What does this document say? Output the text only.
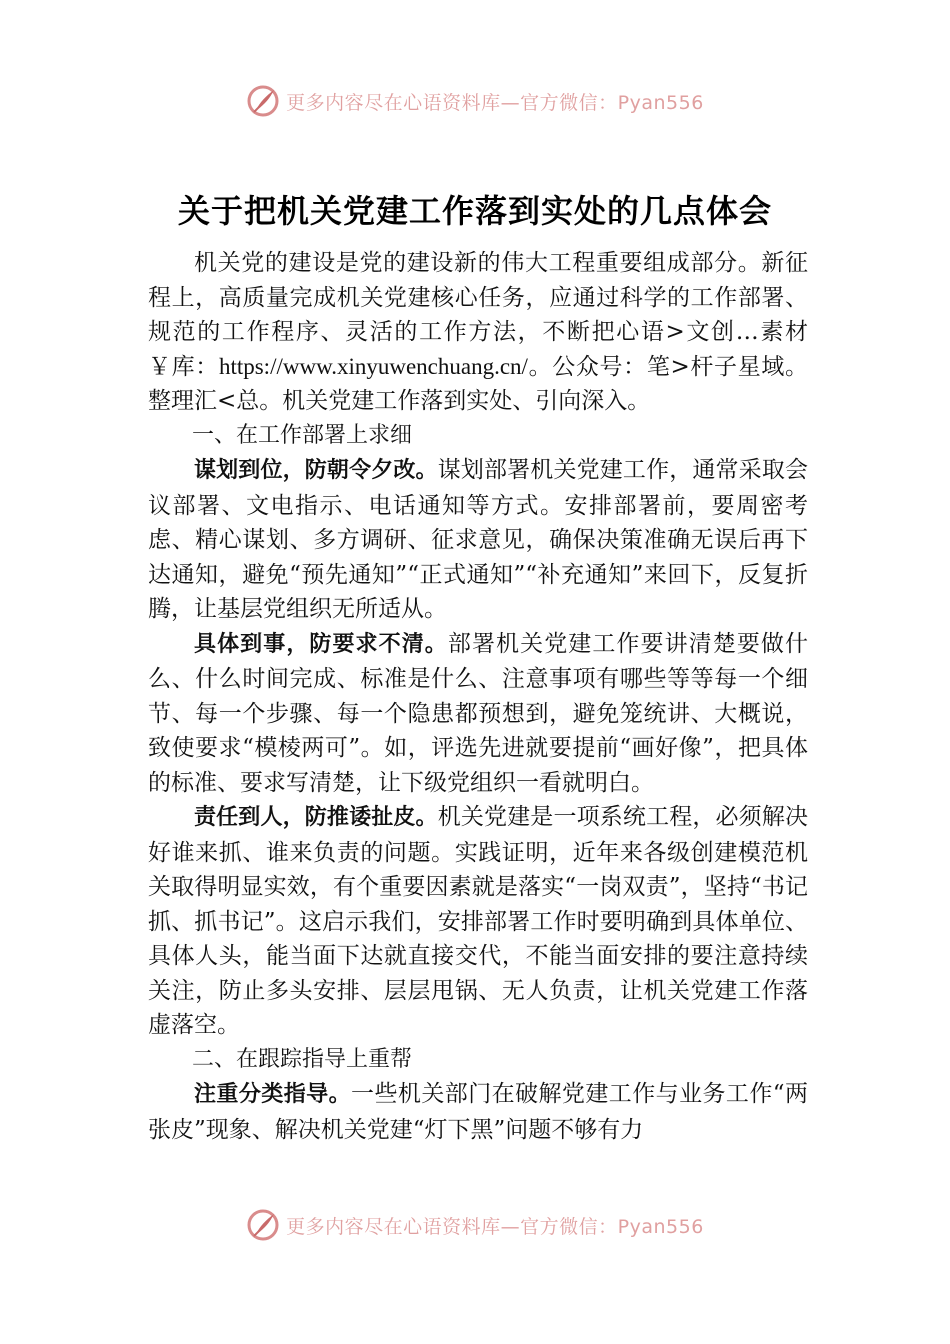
更多内容尽在心语资料库—官方微信：Pyan556
关于把机关党建工作落到实处的几点体会

机关党的建设是党的建设新的伟大工程重要组成部分。新征程上，高质量完成机关党建核心任务，应通过科学的工作部署、规范的工作程序、灵活的工作方法，不断把心语>文创…素材￥库：https://www.xinyuwenchuang.cn/。公众号：笔>杆子星域。整理汇<总。机关党建工作落到实处、引向深入。

一、在工作部署上求细

谋划到位，防朝令夕改。谋划部署机关党建工作，通常采取会议部署、文电指示、电话通知等方式。安排部署前，要周密考虑、精心谋划、多方调研、征求意见，确保决策准确无误后再下达通知，避免“预先通知”“正式通知”“补充通知”来回下，反复折腾，让基层党组织无所适从。

具体到事，防要求不清。部署机关党建工作要讲清楚要做什么、什么时间完成、标准是什么、注意事项有哪些等等每一个细节、每一个步骤、每一个隐患都预想到，避免笼统讲、大概说，致使要求“模棱两可”。如，评选先进就要提前“画好像”，把具体的标准、要求写清楚，让下级党组织一看就明白。

责任到人，防推诿扯皮。机关党建是一项系统工程，必须解决好谁来抓、谁来负责的问题。实践证明，近年来各级创建模范机关取得明显实效，有个重要因素就是落实“一岗双责”，坚持“书记抓、抓书记”。这启示我们，安排部署工作时要明确到具体单位、具体人头，能当面下达就直接交代，不能当面安排的要注意持续关注，防止多头安排、层层甩锅、无人负责，让机关党建工作落虚落空。

二、在跟踪指导上重帮

注重分类指导。一些机关部门在破解党建工作与业务工作“两张皮”现象、解决机关党建“灯下黑”问题不够有力

更多内容尽在心语资料库—官方微信：Pyan556
